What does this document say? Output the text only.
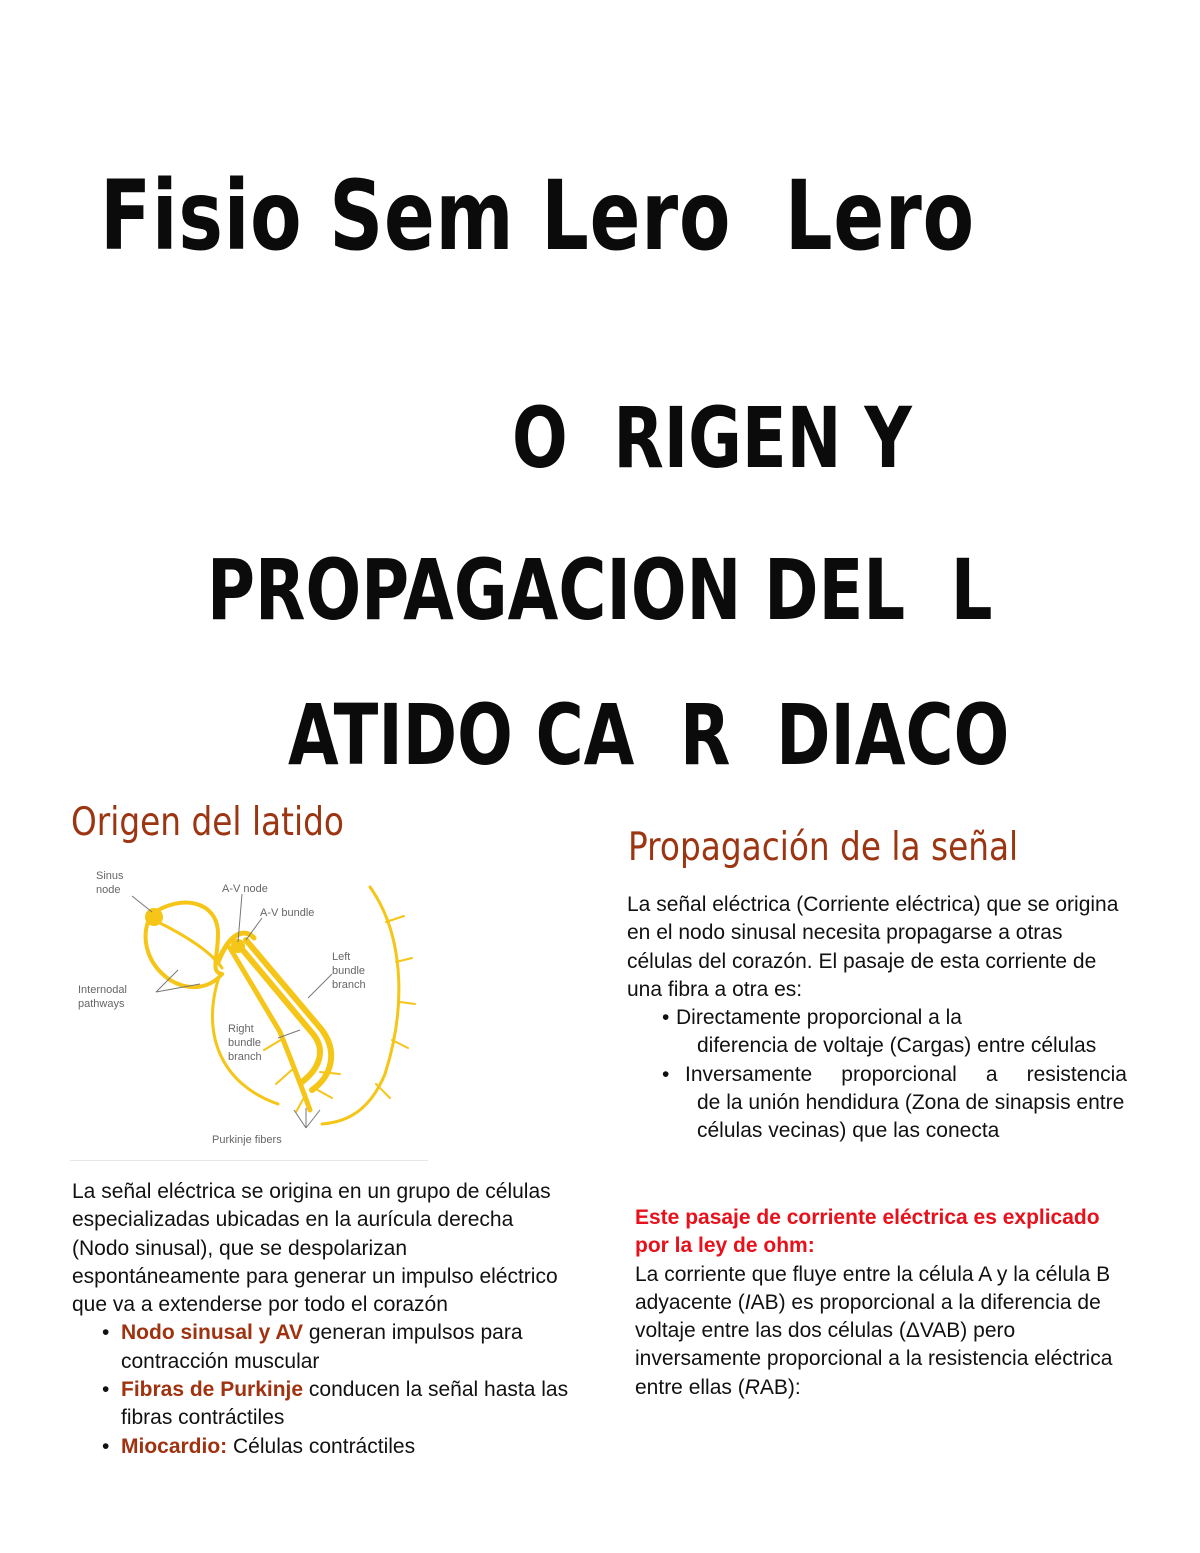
Fisio Sem Lero  Lero
O  RIGEN Y
PROPAGACION DEL  L
ATIDO CA  R  DIACO
Origen del latido
Propagación de la señal
Sinus
node	A-V node
A-V bundle
Left
bundle
branch
Internodal
pathways
Right
bundle
branch
Purkinje fibers

La señal eléctrica se origina en un grupo de células especializadas ubicadas en la aurícula derecha (Nodo sinusal), que se despolarizan espontáneamente para generar un impulso eléctrico que va a extenderse por todo el corazón

• Nodo sinusal y AV generan impulsos para contracción muscular
• Fibras de Purkinje conducen la señal hasta las fibras contráctiles
• Miocardio: Células contráctiles

La señal eléctrica (Corriente eléctrica) que se origina en el nodo sinusal necesita propagarse a otras células del corazón. El pasaje de esta corriente de una fibra a otra es:

• Directamente proporcional a la
diferencia de voltaje (Cargas) entre células
• Inversamente proporcional a resistencia
de la unión hendidura (Zona de sinapsis entre células vecinas) que las conecta

Este pasaje de corriente eléctrica es explicado por la ley de ohm:

La corriente que fluye entre la célula A y la célula B adyacente (IAB) es proporcional a la diferencia de voltaje entre las dos células (ΔVAB) pero inversamente proporcional a la resistencia eléctrica entre ellas (RAB):
